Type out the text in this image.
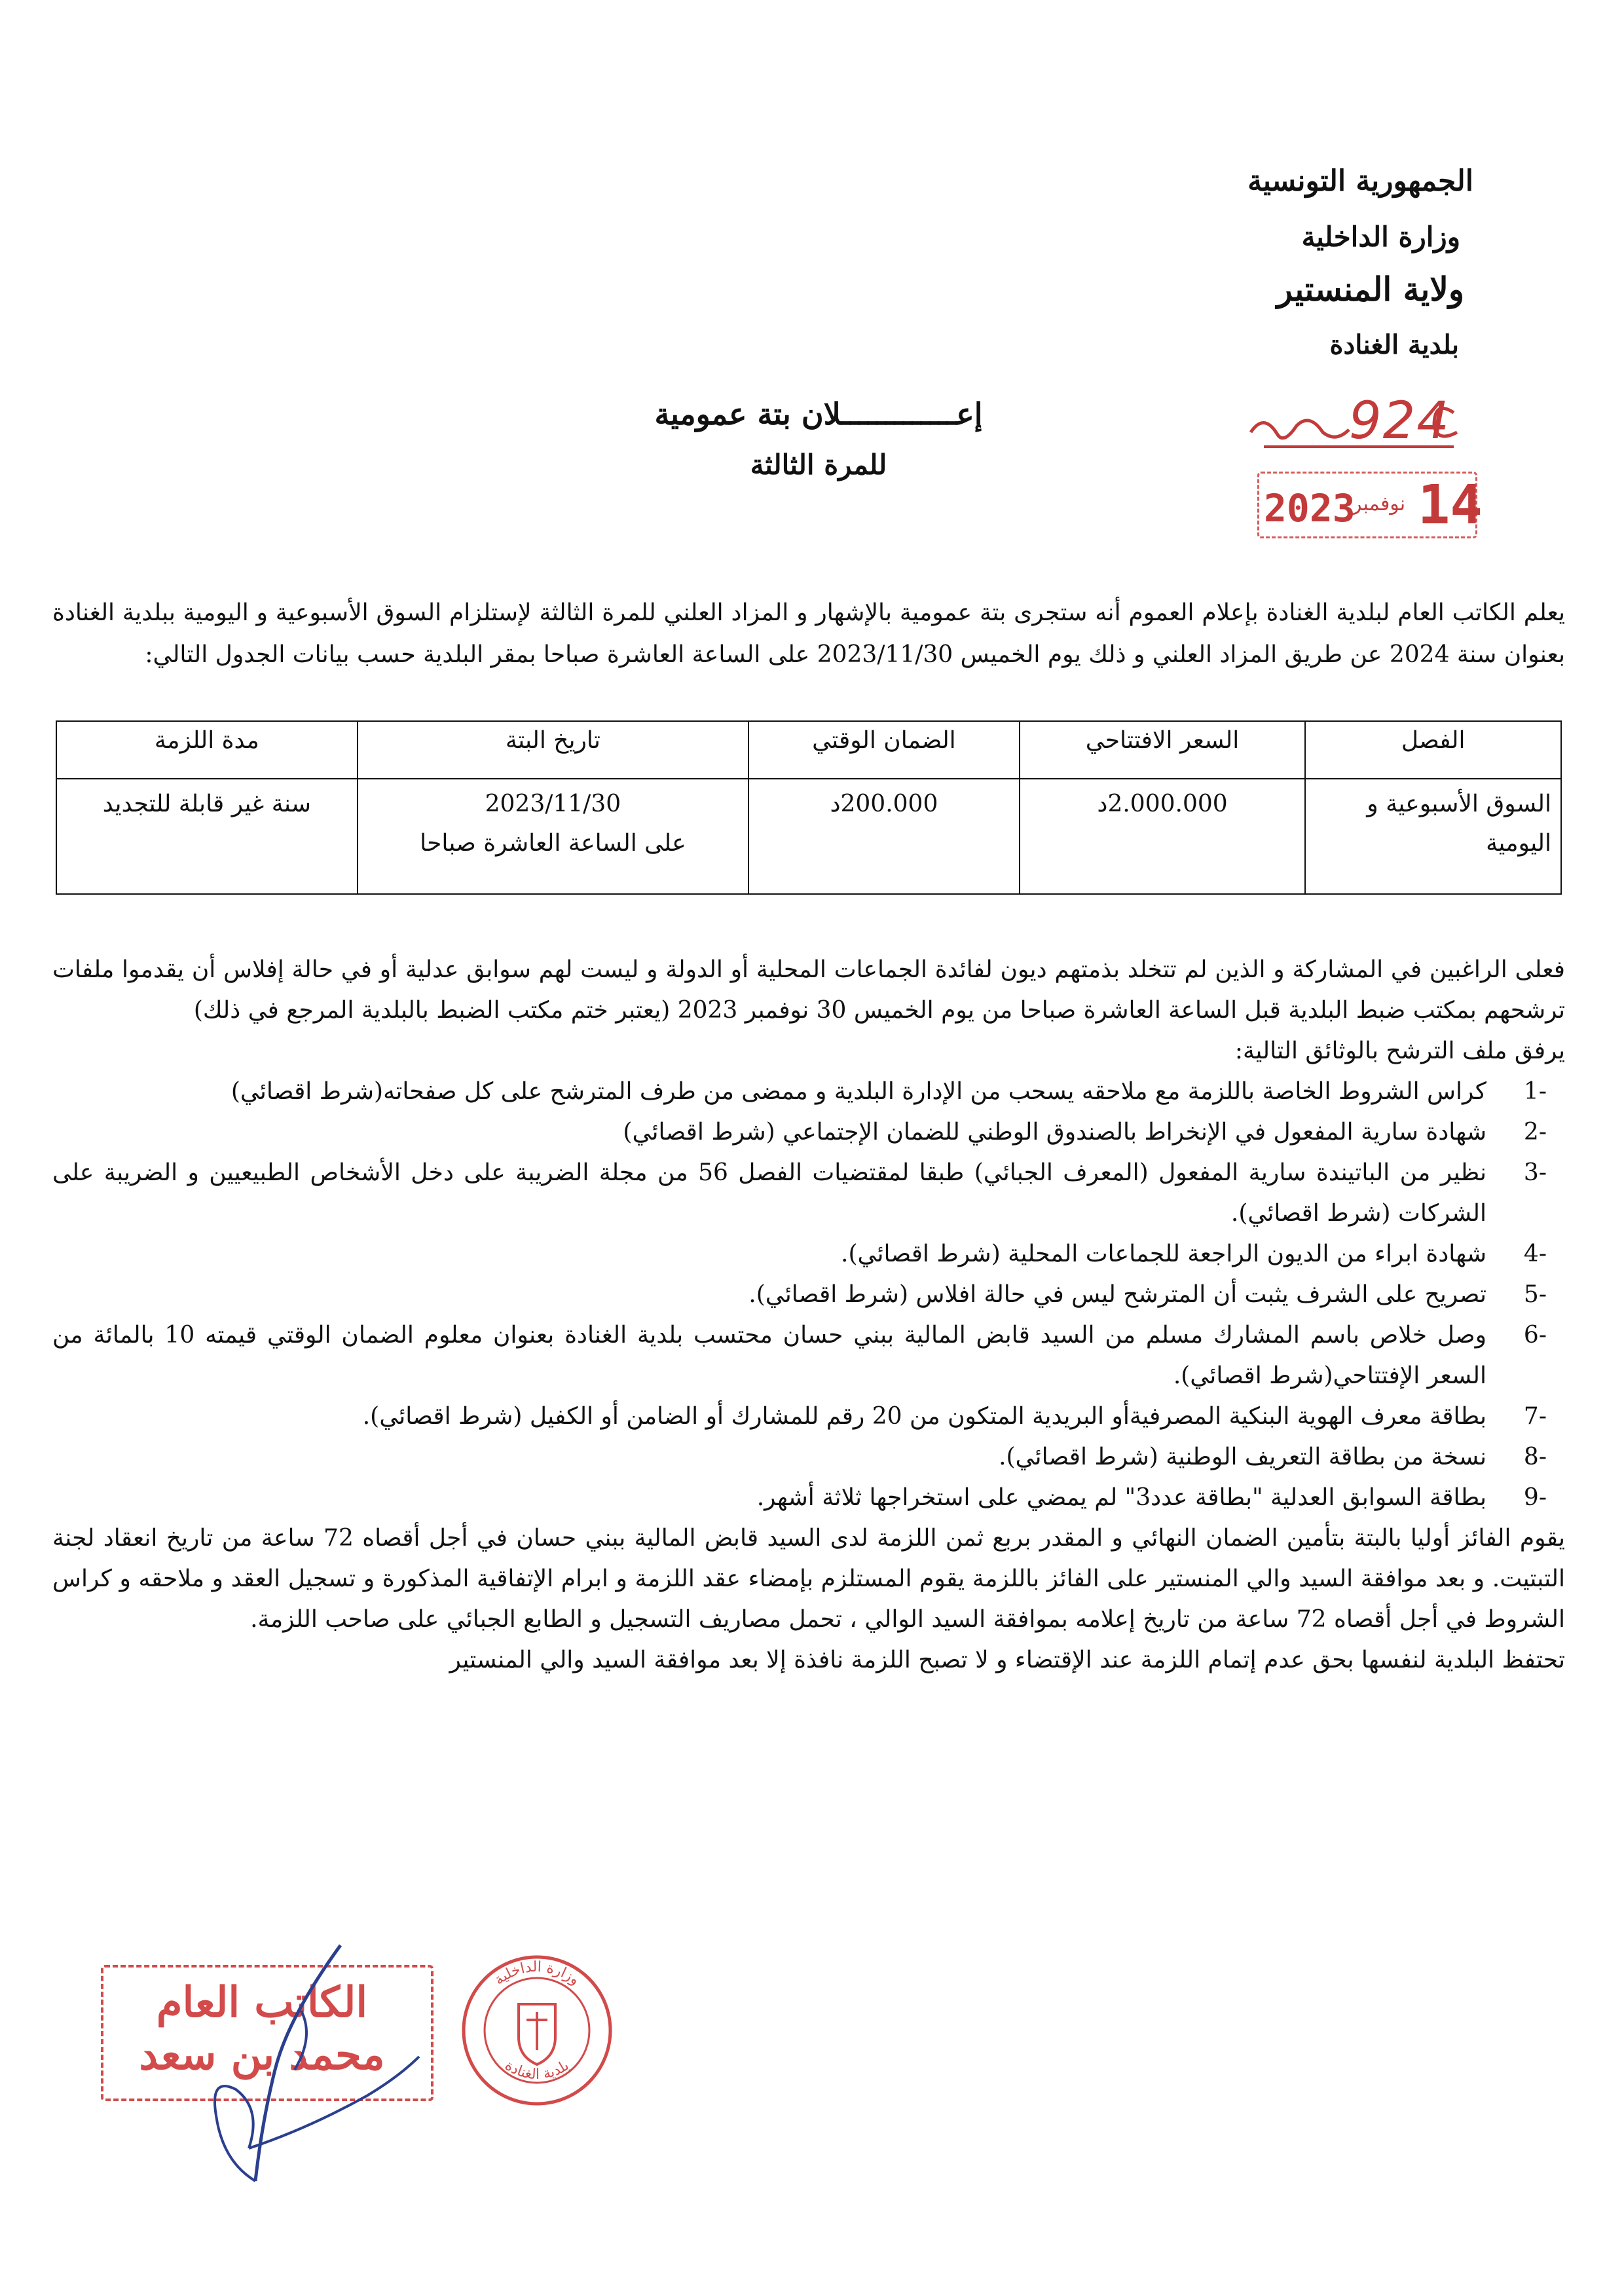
الجمهورية التونسية

وزارة الداخلية

ولاية المنستير

بلدية الغنادة

924
2023
نوفمبر 14

إعـــــــــــــلان بتة عمومية

للمرة الثالثة

يعلم الكاتب العام لبلدية الغنادة بإعلام العموم أنه ستجرى بتة عمومية بالإشهار و المزاد العلني للمرة الثالثة لإستلزام السوق الأسبوعية و اليومية ببلدية الغنادة بعنوان سنة 2024 عن طريق المزاد العلني و ذلك يوم الخميس 2023/11/30 على الساعة العاشرة صباحا بمقر البلدية حسب بيانات الجدول التالي:

الفصل	السعر الافتتاحي	الضمان الوقتي	تاريخ البتة	مدة اللزمة
السوق الأسبوعية و اليومية	2.000.000د	200.000د	2023/11/30
على الساعة العاشرة صباحا	سنة غير قابلة للتجديد

فعلى الراغبين في المشاركة و الذين لم تتخلد بذمتهم ديون لفائدة الجماعات المحلية أو الدولة و ليست لهم سوابق عدلية أو في حالة إفلاس أن يقدموا ملفات ترشحهم بمكتب ضبط البلدية قبل الساعة العاشرة صباحا من يوم الخميس 30 نوفمبر 2023 (يعتبر ختم مكتب الضبط بالبلدية المرجع في ذلك)

يرفق ملف الترشح بالوثائق التالية:

-1
كراس الشروط الخاصة باللزمة مع ملاحقه يسحب من الإدارة البلدية و ممضى من طرف المترشح على كل صفحاته(شرط اقصائي)
-2
شهادة سارية المفعول في الإنخراط بالصندوق الوطني للضمان الإجتماعي (شرط اقصائي)
-3
نظير من الباتيندة سارية المفعول (المعرف الجبائي) طبقا لمقتضيات الفصل 56 من مجلة الضريبة على دخل الأشخاص الطبيعيين و الضريبة على الشركات (شرط اقصائي).
-4
شهادة ابراء من الديون الراجعة للجماعات المحلية (شرط اقصائي).
-5
تصريح على الشرف يثبت أن المترشح ليس في حالة افلاس (شرط اقصائي).
-6
وصل خلاص باسم المشارك مسلم من السيد قابض المالية ببني حسان محتسب بلدية الغنادة بعنوان معلوم الضمان الوقتي قيمته 10 بالمائة من السعر الإفتتاحي(شرط اقصائي).
-7
بطاقة معرف الهوية البنكية المصرفيةأو البريدية المتكون من 20 رقم للمشارك أو الضامن أو الكفيل (شرط اقصائي).
-8
نسخة من بطاقة التعريف الوطنية (شرط اقصائي).
-9
بطاقة السوابق العدلية "بطاقة عدد3" لم يمضي على استخراجها ثلاثة أشهر.

يقوم الفائز أوليا بالبتة بتأمين الضمان النهائي و المقدر بربع ثمن اللزمة لدى السيد قابض المالية ببني حسان في أجل أقصاه 72 ساعة من تاريخ انعقاد لجنة التبتيت. و بعد موافقة السيد والي المنستير على الفائز باللزمة يقوم المستلزم بإمضاء عقد اللزمة و ابرام الإتفاقية المذكورة و تسجيل العقد و ملاحقه و كراس الشروط في أجل أقصاه 72 ساعة من تاريخ إعلامه بموافقة السيد الوالي ، تحمل مصاريف التسجيل و الطابع الجبائي على صاحب اللزمة.

تحتفظ البلدية لنفسها بحق عدم إتمام اللزمة عند الإقتضاء و لا تصبح اللزمة نافذة إلا بعد موافقة السيد والي المنستير

الكاتب العام
محمد بن سعد
وزارة الداخلية
بلدية الغنادة
